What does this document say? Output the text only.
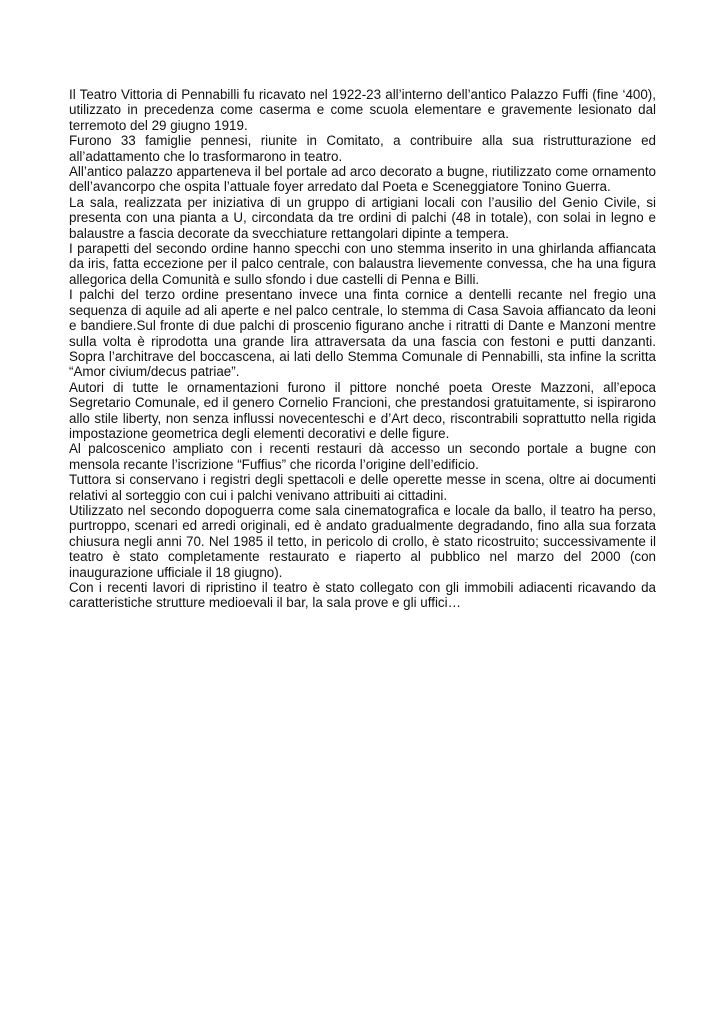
Il Teatro Vittoria di Pennabilli fu ricavato nel 1922-23 all’interno dell’antico Palazzo Fuffi (fine ‘400), utilizzato in precedenza come caserma e come scuola elementare e gravemente lesionato dal terremoto del 29 giugno 1919.

Furono 33 famiglie pennesi, riunite in Comitato, a contribuire alla sua ristrutturazione ed all’adattamento che lo trasformarono in teatro.

All’antico palazzo apparteneva il bel portale ad arco decorato a bugne, riutilizzato come ornamento dell’avancorpo che ospita l’attuale foyer arredato dal Poeta e Sceneggiatore Tonino Guerra.

La sala, realizzata per iniziativa di un gruppo di artigiani locali con l’ausilio del Genio Civile, si presenta con una pianta a U, circondata da tre ordini di palchi (48 in totale), con solai in legno e balaustre a fascia decorate da svecchiature rettangolari dipinte a tempera.

I parapetti del secondo ordine hanno specchi con uno stemma inserito in una ghirlanda affiancata da iris, fatta eccezione per il palco centrale, con balaustra lievemente convessa, che ha una figura allegorica della Comunità e sullo sfondo i due castelli di Penna e Billi.

I palchi del terzo ordine presentano invece una finta cornice a dentelli recante nel fregio una sequenza di aquile ad ali aperte e nel palco centrale, lo stemma di Casa Savoia affiancato da leoni e bandiere.Sul fronte di due palchi di proscenio figurano anche i ritratti di Dante e Manzoni mentre sulla volta è riprodotta una grande lira attraversata da una fascia con festoni e putti danzanti. Sopra l’architrave del boccascena, ai lati dello Stemma Comunale di Pennabilli, sta infine la scritta “Amor civium/decus patriae”.

Autori di tutte le ornamentazioni furono il pittore nonché poeta Oreste Mazzoni, all’epoca Segretario Comunale, ed il genero Cornelio Francioni, che prestandosi gratuitamente, si ispirarono allo stile liberty, non senza influssi novecenteschi e d’Art deco, riscontrabili soprattutto nella rigida impostazione geometrica degli elementi decorativi e delle figure.

Al palcoscenico ampliato con i recenti restauri dà accesso un secondo portale a bugne con mensola recante l’iscrizione “Fuffius” che ricorda l’origine dell’edificio.

Tuttora si conservano i registri degli spettacoli e delle operette messe in scena, oltre ai documenti relativi al sorteggio con cui i palchi venivano attribuiti ai cittadini.

Utilizzato nel secondo dopoguerra come sala cinematografica e locale da ballo, il teatro ha perso, purtroppo, scenari ed arredi originali, ed è andato gradualmente degradando, fino alla sua forzata chiusura negli anni 70. Nel 1985 il tetto, in pericolo di crollo, è stato ricostruito; successivamente il teatro è stato completamente restaurato e riaperto al pubblico nel marzo del 2000 (con inaugurazione ufficiale il 18 giugno).

Con i recenti lavori di ripristino il teatro è stato collegato con gli immobili adiacenti ricavando da caratteristiche strutture medioevali il bar, la sala prove e gli uffici…
